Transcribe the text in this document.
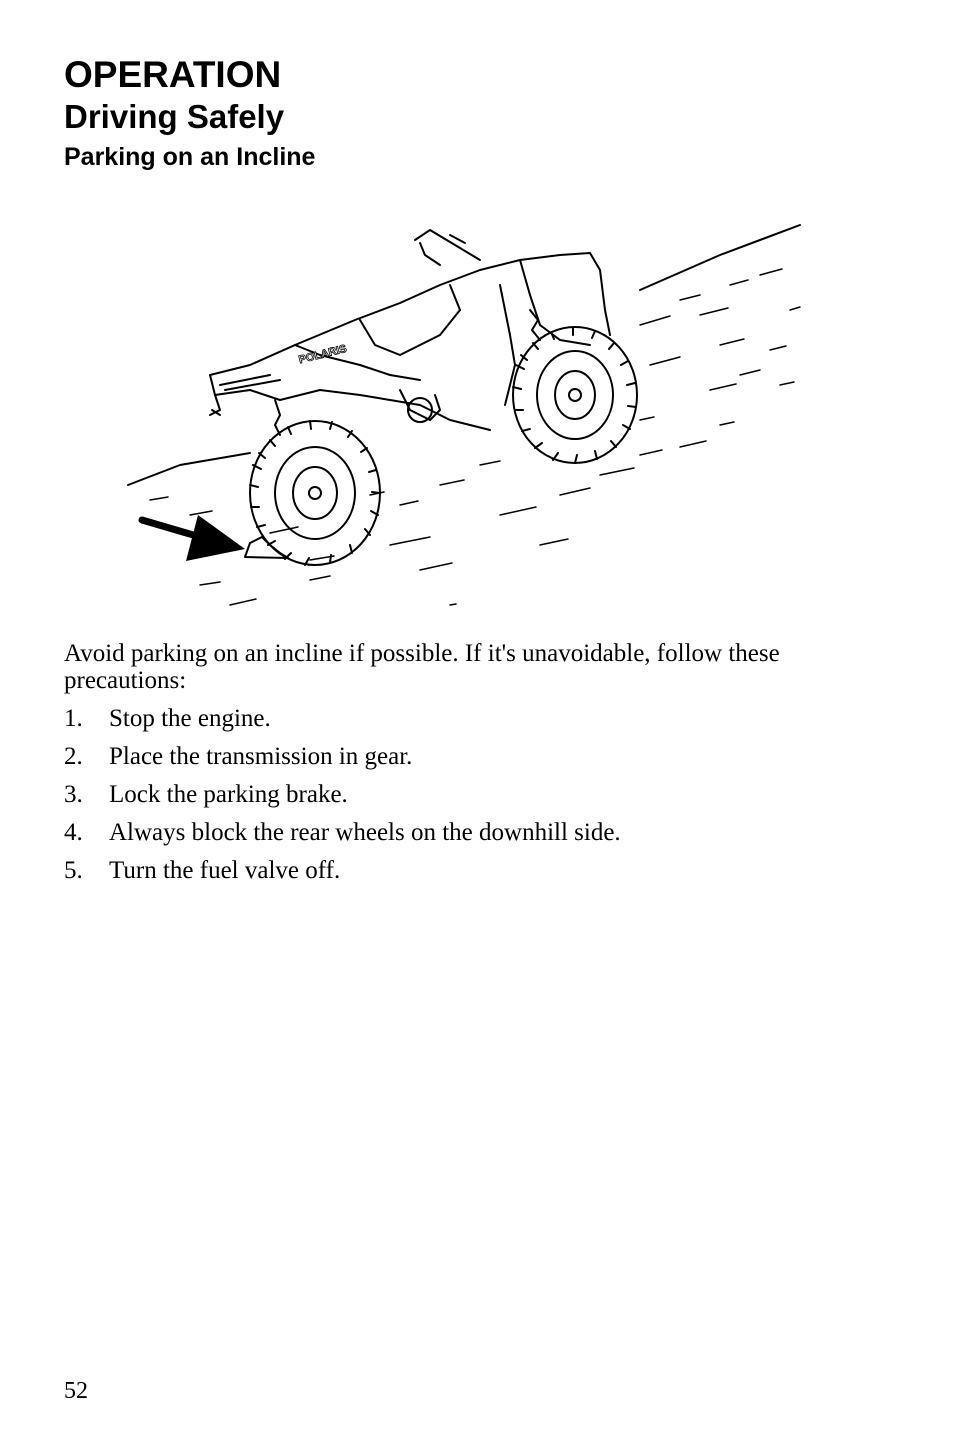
OPERATION
Driving Safely
Parking on an Incline
POLARIS

Avoid parking on an incline if possible. If it's unavoidable, follow these precautions:

1.	Stop the engine.
2.	Place the transmission in gear.
3.	Lock the parking brake.
4.	Always block the rear wheels on the downhill side.
5.	Turn the fuel valve off.
52
